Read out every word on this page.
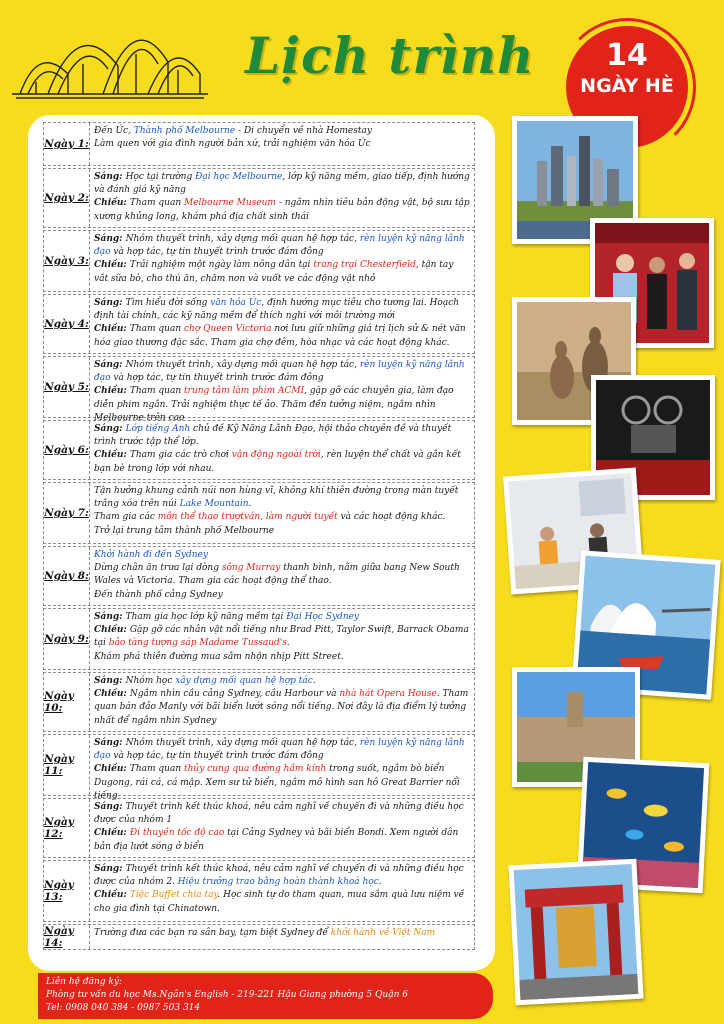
Lịch trình	14
NGÀY HÈ
Ngày 1:
Đến Úc, Thành phố Melbourne - Di chuyển về nhà Homestay
Làm quen với gia đình người bản xứ, trải nghiệm văn hóa Úc
Ngày 2:
Sáng: Học tại trường Đại học Melbourne, lớp kỹ năng mềm, giao tiếp, định hướng và đánh giá kỹ năng
Chiều: Tham quan Melbourne Museum - ngắm nhìn tiêu bản động vật, bộ sưu tập xương khủng long, khám phá địa chất sinh thái
Ngày 3:
Sáng: Nhóm thuyết trình, xây dựng mối quan hệ hợp tác, rèn luyện kỹ năng lãnh đạo và hợp tác, tự tin thuyết trình trước đám đông
Chiều: Trải nghiệm một ngày làm nông dân tại trang trại Chesterfield, tận tay vắt sữa bò, cho thú ăn, chăm non và vuốt ve các động vật nhỏ
Ngày 4:
Sáng: Tìm hiểu đời sống văn hóa Úc, định hướng mục tiêu cho tương lai. Hoạch định tài chính, các kỹ năng mềm để thích nghi với môi trường mới
Chiều: Tham quan chợ Queen Victoria nơi lưu giữ những giá trị lịch sử & nét văn hóa giao thương đặc sắc. Tham gia chợ đêm, hòa nhạc và các hoạt động khác.
Ngày 5:
Sáng: Nhóm thuyết trình, xây dựng mối quan hệ hợp tác, rèn luyện kỹ năng lãnh đạo và hợp tác, tự tin thuyết trình trước đám đông
Chiều: Tham quan trung tâm làm phim ACMI, gặp gỡ các chuyên gia, làm đạo diễn phim ngắn. Trải nghiệm thực tế ảo. Thăm đền tưởng niệm, ngắm nhìn Melbourne trên cao
Ngày 6:
Sáng: Lớp tiếng Anh chủ đề Kỹ Năng Lãnh Đạo, hội thảo chuyên đề và thuyết trình trước tập thể lớp.
Chiều: Tham gia các trò chơi vận động ngoài trời, rèn luyện thể chất và gắn kết bạn bè trong lớp với nhau.
Ngày 7:
Tận hưởng khung cảnh núi non hùng vĩ, không khí thiên đường trong màn tuyết trắng xóa trên núi Lake Mountain.
Tham gia các môn thể thao trượtván, làm người tuyết và các hoạt động khác.
Trở lại trung tâm thành phố Melbourne
Ngày 8:
Khởi hành đi đến Sydney
Dừng chân ăn trưa lại dòng sông Murray thanh bình, nằm giữa bang New South Wales và Victoria. Tham gia các hoạt động thể thao.
Đến thành phố cảng Sydney
Ngày 9:
Sáng: Tham gia học lớp kỹ năng mềm tại Đại Học Sydney
Chiều: Gặp gỡ các nhân vật nổi tiếng như Brad Pitt, Taylor Swift, Barrack Obama tại bảo tàng tượng sáp Madame Tussaud's.
Khám phá thiên đường mua sắm nhộn nhịp Pitt Street.
Ngày 10:
Sáng: Nhóm học xây dựng mối quan hệ hợp tác.
Chiều: Ngắm nhìn cầu cảng Sydney, cầu Harbour và nhà hát Opera House. Tham quan bán đảo Manly với bãi biển lướt sóng nổi tiếng. Nơi đây là địa điểm lý tưởng nhất để ngắm nhìn Sydney
Ngày 11:
Sáng: Nhóm thuyết trình, xây dựng mối quan hệ hợp tác, rèn luyện kỹ năng lãnh đạo và hợp tác, tự tin thuyết trình trước đám đông
Chiều: Tham quan thủy cung qua đường hầm kính trong suốt, ngắm bò biển Dugong, rái cá, cá mập. Xem sư tử biển, ngắm mô hình san hô Great Barrier nổi tiếng
Ngày 12:
Sáng: Thuyết trình kết thúc khoá, nêu cảm nghĩ về chuyến đi và những điều học được của nhóm 1
Chiều: Đi thuyền tốc độ cao tại Cảng Sydney và bãi biển Bondi. Xem người dân bản địa lướt sóng ở biển
Ngày 13:
Sáng: Thuyết trình kết thúc khoá, nêu cảm nghĩ về chuyến đi và những điều học được của nhóm 2. Hiệu trưởng trao bằng hoàn thành khoá học.
Chiều: Tiệc Buffet chia tay. Học sinh tự do tham quan, mua sắm quà lưu niệm về cho gia đình tại Chinatown.
Ngày 14:
Trường đưa các bạn ra sân bay, tạm biệt Sydney để khởi hành về Việt Nam
Liên hệ đăng ký:
Phòng tư vấn du học Ms.Ngân's English - 219-221 Hậu Giang phường 5 Quận 6
Tel: 0908 040 384 - 0987 503 314
